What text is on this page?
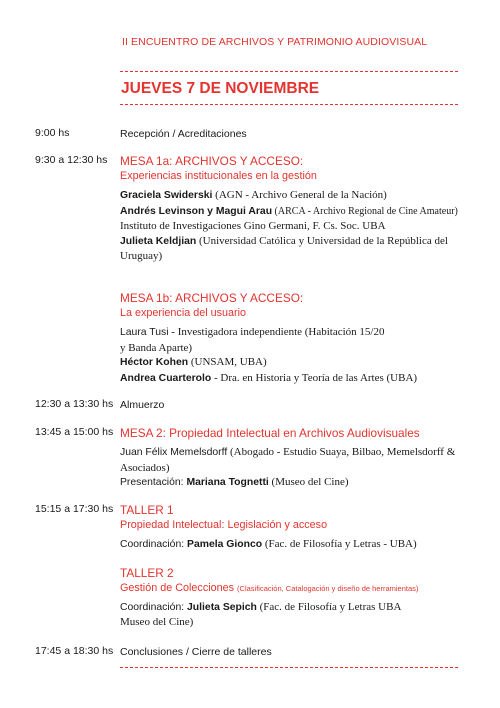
II ENCUENTRO DE ARCHIVOS Y PATRIMONIO AUDIOVISUAL
JUEVES 7 DE NOVIEMBRE
9:00 hs	Recepción / Acreditaciones
9:30 a 12:30 hs MESA 1a: ARCHIVOS Y ACCESO:
Experiencias institucionales en la gestión

Graciela Swiderski (AGN - Archivo General de la Nación)

Andrés Levinson y Magui Arau (ARCA - Archivo Regional de Cine Amateur)

Instituto de Investigaciones Gino Germani, F. Cs. Soc. UBA

Julieta Keldjian (Universidad Católica y Universidad de la República del Uruguay)

MESA 1b: ARCHIVOS Y ACCESO:
La experiencia del usuario

Laura Tusi - Investigadora independiente (Habitación 15/20

y Banda Aparte)

Héctor Kohen (UNSAM, UBA)

Andrea Cuarterolo - Dra. en Historia y Teoría de las Artes (UBA)

12:30 a 13:30 hs Almuerzo
13:45 a 15:00 hs MESA 2: Propiedad Intelectual en Archivos Audiovisuales

Juan Félix Memelsdorff (Abogado - Estudio Suaya, Bilbao, Memelsdorff & Asociados)

Presentación: Mariana Tognetti (Museo del Cine)

15:15 a 17:30 hs TALLER 1
Propiedad Intelectual: Legislación y acceso

Coordinación: Pamela Gionco (Fac. de Filosofía y Letras - UBA)

TALLER 2
Gestión de Colecciones (Clasificación, Catalogación y diseño de herramientas)

Coordinación: Julieta Sepich (Fac. de Filosofía y Letras UBA

Museo del Cine)

17:45 a 18:30 hs Conclusiones / Cierre de talleres
